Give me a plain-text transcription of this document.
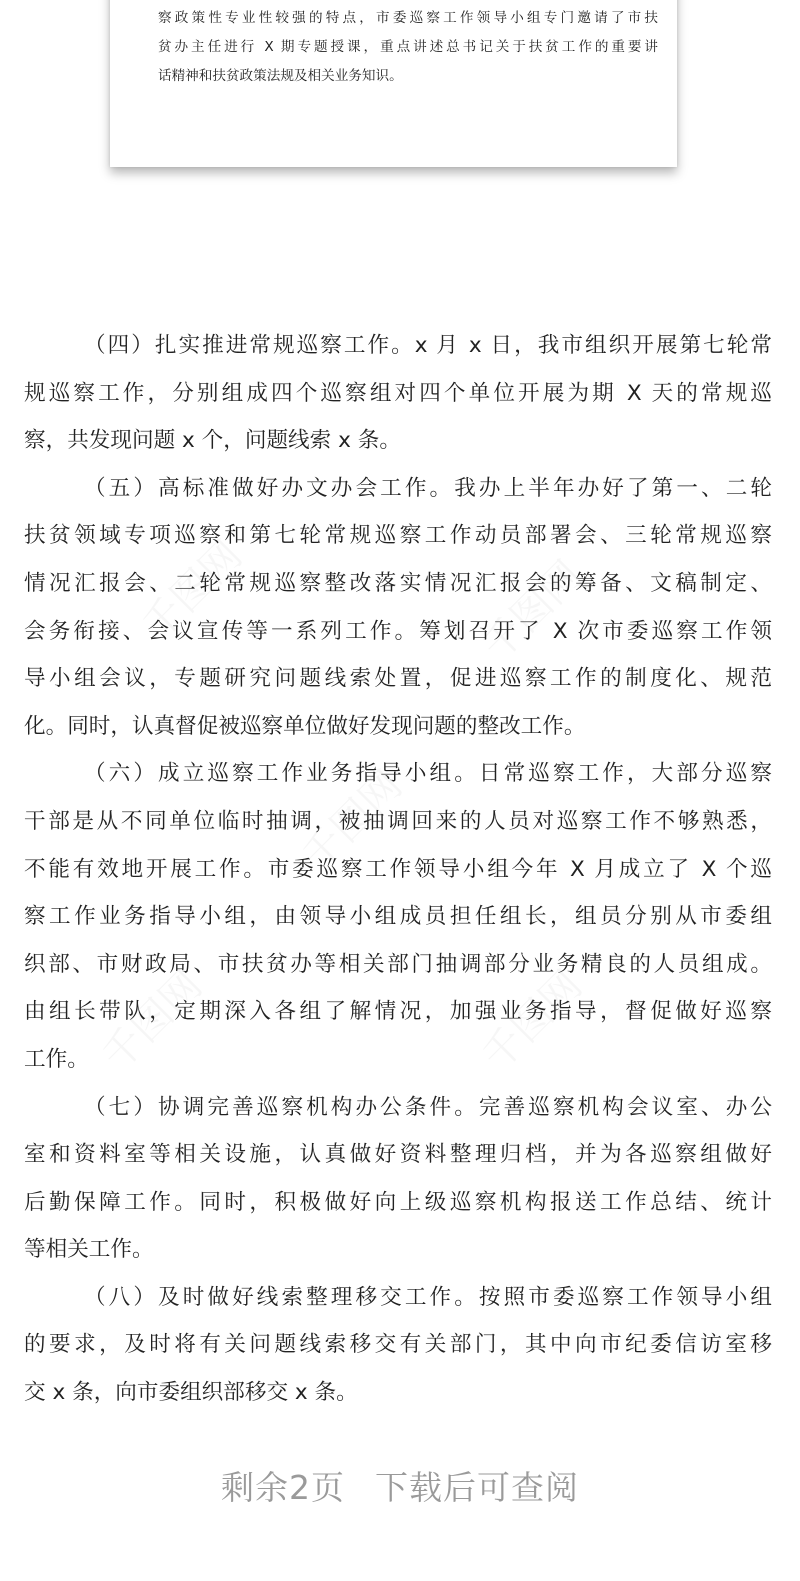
察政策性专业性较强的特点，市委巡察工作领导小组专门邀请了市扶
贫办主任进行 X 期专题授课，重点讲述总书记关于扶贫工作的重要讲
话精神和扶贫政策法规及相关业务知识。
（四）扎实推进常规巡察工作。x 月 x 日，我市组织开展第七轮常
规巡察工作，分别组成四个巡察组对四个单位开展为期 X 天的常规巡
察，共发现问题 x 个，问题线索 x 条。
（五）高标准做好办文办会工作。我办上半年办好了第一、二轮
扶贫领域专项巡察和第七轮常规巡察工作动员部署会、三轮常规巡察
情况汇报会、二轮常规巡察整改落实情况汇报会的筹备、文稿制定、
会务衔接、会议宣传等一系列工作。筹划召开了 X 次市委巡察工作领
导小组会议，专题研究问题线索处置，促进巡察工作的制度化、规范
化。同时，认真督促被巡察单位做好发现问题的整改工作。
（六）成立巡察工作业务指导小组。日常巡察工作，大部分巡察
干部是从不同单位临时抽调，被抽调回来的人员对巡察工作不够熟悉，
不能有效地开展工作。市委巡察工作领导小组今年 X 月成立了 X 个巡
察工作业务指导小组，由领导小组成员担任组长，组员分别从市委组
织部、市财政局、市扶贫办等相关部门抽调部分业务精良的人员组成。
由组长带队，定期深入各组了解情况，加强业务指导，督促做好巡察
工作。
（七）协调完善巡察机构办公条件。完善巡察机构会议室、办公
室和资料室等相关设施，认真做好资料整理归档，并为各巡察组做好
后勤保障工作。同时，积极做好向上级巡察机构报送工作总结、统计
等相关工作。
（八）及时做好线索整理移交工作。按照市委巡察工作领导小组
的要求，及时将有关问题线索移交有关部门，其中向市纪委信访室移
交 x 条，向市委组织部移交 x 条。
剩余2页 下载后可查阅
